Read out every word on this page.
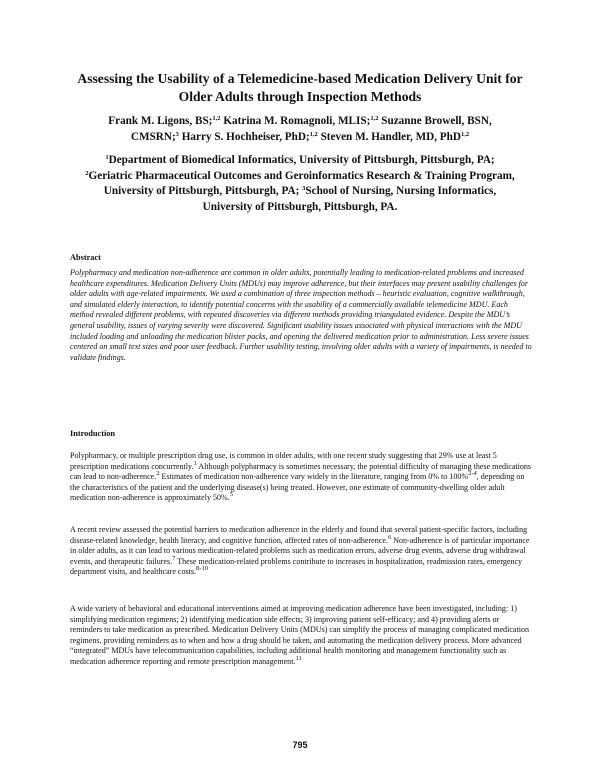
Assessing the Usability of a Telemedicine-based Medication Delivery Unit for
Older Adults through Inspection Methods
Frank M. Ligons, BS;$^{1,2}$ Katrina M. Romagnoli, MLIS;$^{1,2}$ Suzanne Browell, BSN,
CMSRN;$^3$ Harry S. Hochheiser, PhD;$^{1,2}$ Steven M. Handler, MD, PhD$^{1,2}$
$^1$Department of Biomedical Informatics, University of Pittsburgh, Pittsburgh, PA;
$^2$Geriatric Pharmaceutical Outcomes and Geroinformatics Research & Training Program,
University of Pittsburgh, Pittsburgh, PA; $^3$School of Nursing, Nursing Informatics,
University of Pittsburgh, Pittsburgh, PA.
Abstract
Polypharmacy and medication non-adherence are common in older adults, potentially leading to medication-related problems and increased healthcare expenditures. Medication Delivery Units (MDUs) may improve adherence, but their interfaces may present usability challenges for older adults with age-related impairments. We used a combination of three inspection methods – heuristic evaluation, cognitive walkthrough, and simulated elderly interaction, to identify potential concerns with the usability of a commercially available telemedicine MDU. Each method revealed different problems, with repeated discoveries via different methods providing triangulated evidence. Despite the MDU’s general usability, issues of varying severity were discovered. Significant usability issues associated with physical interactions with the MDU included loading and unloading the medication blister packs, and opening the delivered medication prior to administration. Less severe issues centered on small text sizes and poor user feedback. Further usability testing, involving older adults with a variety of impairments, is needed to validate findings.
Introduction
Polypharmacy, or multiple prescription drug use, is common in older adults, with one recent study suggesting that 29% use at least 5 prescription medications concurrently.$^1$ Although polypharmacy is sometimes necessary, the potential difficulty of managing these medications can lead to non-adherence.$^2$ Estimates of medication non-adherence vary widely in the literature, ranging from 0% to 100%$^{2-4}$, depending on the characteristics of the patient and the underlying disease(s) being treated. However, one estimate of community-dwelling older adult medication non-adherence is approximately 50%.$^5$
A recent review assessed the potential barriers to medication adherence in the elderly and found that several patient-specific factors, including disease-related knowledge, health literacy, and cognitive function, affected rates of non-adherence.$^6$ Non-adherence is of particular importance in older adults, as it can lead to various medication-related problems such as medication errors, adverse drug events, adverse drug withdrawal events, and therapeutic failures.$^7$ These medication-related problems contribute to increases in hospitalization, readmission rates, emergency department visits, and healthcare costs.$^{8-10}$
A wide variety of behavioral and educational interventions aimed at improving medication adherence have been investigated, including: 1) simplifying medication regimens; 2) identifying medication side effects; 3) improving patient self-efficacy; and 4) providing alerts or reminders to take medication as prescribed. Medication Delivery Units (MDUs) can simplify the process of managing complicated medication regimens, providing reminders as to when and how a drug should be taken, and automating the medication delivery process. More advanced “integrated” MDUs have telecommunication capabilities, including additional health monitoring and management functionality such as medication adherence reporting and remote prescription management.$^{11}$
795
